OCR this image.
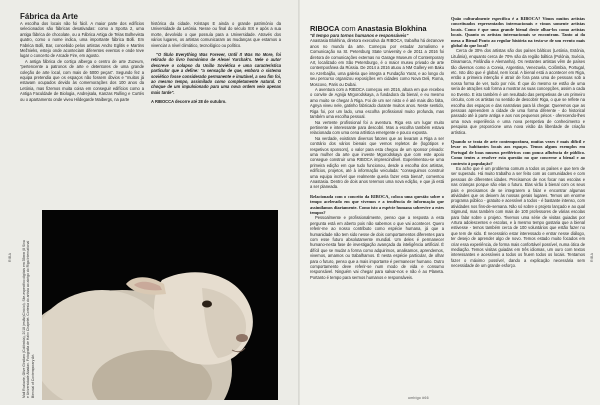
RIBA

Fábrica da Arte

A escolha dos locais não foi fácil. A maior parte dos edifícios selecionados são fábricas desativadas: como a Sporta 2, uma antiga fábrica de chocolate, ou a Fábrica Artiga de Telas Bolhevista quatro, como o nome indica, uma importante fábrica Bolli. Em Fabrica Bolli, Bar, concebido pelos artistas Andro Eglitis e Martins Mežnieks, estejo onde aconteciam diferentes eventos e onde teve lugar o concerto de Arcade Fire, em agosto.

A antiga fábrica de cortiça alberga o centro de arte Zuzeum, "pertencente a patronos de arte e detentores de uma grande coleção de arte local, com mais de 5000 peças". Segundo fez a equipa pretendia que os espaços não fossem óbvios e "muitos já estavam ocupados devido às comemorações dos 100 anos da Letónia, mas fizemos muita coisa em conseguir edifícios como a Antiga Faculdade de Biologia, Andrejsala, Kanzas Rulling e Curtés ou o apartamento onde viveu Hildegarde Maibergs, na parte

histórica da cidade. Kristaps E ainda o grande património da Universidade da Letónia. Nesse ou final do século XIX e após a sua morte, devolvido o que possuía para a Universidade. Através dos vários lugares, os artistas comunicaram as mudanças que estamos a vivenciar a nível climático, tecnológico ou político.

"O título Everything Was Forever, Until It Was No More, foi retirado do livro homónimo de Alexei Yurchak's. Nele o autor descreve o colapso da União Soviética e uma característica particular que a define: "a sensação de que, embora o sistema soviético fosse considerado permanente e imutável, a seu fim foi, ao mesmo tempo, assimilado como completamente natural. O choque de um impulsionado para uma nova ordem veio apenas mais tarde".

A RIBOCCA decorre até 28 de outubro.

Mall Rozkarte, Olive Gindlaro (Colômbia), 2018 (estão)Ciniciol). Site-especifico digitais em 35mm (8 Sina e Universidade Abadan. Fotografia de Hahn Chapelet. Cortesia do artista ao abrigo do Riga International Biennial of Contemporary Art.	umbigo #66
RIBA

RIBOCA com Anastasia Blokhina

"É tempo para tornos humanos e responsáveis"

Anastasia Blokhina, diretora executiva da RIBOCA, trabalha há dezanove anos no mundo da arte. Começou por estudar Jornalismo e Comunicação na St. Petersburg State University e de 2011 a 2016 foi diretora de comunicações externas no Garage Museum of Contemporary Art, localizado em São Petersburgo, é o maior museu privado de arte contemporânea da Rússia. De 2014 a 2016 atuou a NM Gallery em Baku no Azerbaijão, uma galeria que integra a Fundação Yarat, e ao longo do seu percurso organizou exposições em cidades como Nova Deli, Roma, Moscovo, Paris ou Dubai.

A aventura com a RIBOCA começou em 2016, altura em que recebeu o convite de Agnija Mrgorodskaya, a fundadora da bienal, e eu mesmo amo muito se chegar à Riga. Foi de um ser nisto e é até mais dito falta, Agnya viveu nele, gatinho fabricado durante muitos anos. Neste sentido, Riga foi, por um lado, uma escolha profissional muito profunda, mas também uma escolha pessoal.

Na vertente profissional foi a aventura. Riga era um lugar muito pertinente e interessante para descobri. Mas a escolha também estava relacionada com uma cena artística emergente e pouco exposta.

Na verdade, existiram diversos fatores que as levaram a Riga a ser contrário dos vários bienais que vemos repletos de (logótipos e respetivos sponsors), o valor para esta chegou de um sponsor privado: uma mulher da arte que investe Mgorodskaya que com este apoio consegue construir uma RIBOCA imprescindível. Experimentou-se uma primeira edição em que tudo funcionou, desde a escolha dos artistas, edifícios, projetos, até à informação veiculada: "conseguimos construir uma equipa incrível que realmente queria fazer esta bienal", comentou Anastasia. Dentro de dois anos teremos uma nova edição, e que já está a ser planeada.

Relacionada com o conceito da RIBOCA, coloca uma questão sobre o tempo acelerado em que vivemos e a tendência de informação que assimilamos diariamente. Como isto a espécie humana sobrevive a estes tempos?

Pessoalmente e profissionalmente, penso que a resposta a esta pergunta está em aberto pois não sabemos o que vai acontecer. Quero referir-me ao nosso contributo como espécie humana, já que a humanidade não tem sido nesse de dois comportamentos diferentes para com esse futuro absolutamente mundial. Um deles é permanecer humano-nesta fase de investigação avançada da inteligência artificial. É difícil que se mudar a forma como adquirimos, analisamos, aprendemos, vivemos, amamos ou trabalhamos. É nesta espécie particular, de olhar para o futuro, penso que a mais importante é permanecer humano. Outro comportamento deve referir-se num modo de vida e consumo responsável. Ninguém vai chegar para salvar-nos e não é ao Planeta. Portanto é tempo para sermos humanos e responsáveis.

Quão culturalmente específica é a RIBOCA? Vimos muitos artistas conceituados representados internacionais e vimos somente artistas locais. Como é que uma grande bienal deste olhar-los como artistas locais. Quanto os artistas internacionais se encontram. Tanto ai da mesa a Bienal Ponto ao regular história na testa-se de um evento mais global do que local?

Cerca de 30% dos artistas são dos países bálticos (Letónia, Estónia, Lituânia), enquanto cerca de 70% são da região báltica (Polónia, Suécia, Dinamarca, Finlândia e Alemanha). Os restantes artistas vêm de países tão diversos como a Coreia, Argentina, Venezuela, Colômbia, Portugal, etc. Isto dito que é global, nem local. A bienal está a acontecer em Riga, então a primeira intenção é atrair de fora para uma de pessoas sob a nossa forma de ver, tudo por nós. É que do mesmo se estão de uma seria de atrações sob forma a mostrar as suas concepções, assim a cada no Evento. E isto também é um resultado das perspetivas de um primeiro circuito, com os artistas no sentido de descobrir Riga, o que se reflete na escolha dos espaços e das narrativas para lá chegar. Queremos que as pessoas apreendem a cidade de uma forma diferente - do historical passado até à parte antiga e aos nos pequenos pésos - oferecendo-lhes uma nova experiência e uma nova perspetiva de conhecimento e pesquisa que proporcione uma nova visão da liberdade de criação artística.

Quando se trata de arte contemporânea, muitas vezes é mais difícil e levar os habitantes locais aos espaços. Temos alguns exemplos em Portugal de boas museus periféricos com pouca afluência de público. Como tentes a resolver esta questão no que concerne a bienal e ao contexto à população?

Eu acho que é um problema comum a todos os países e que tem de ser superado. Há muito trabalho a ser feito com as comunidades e com pessoas de diferentes idades. Precisamos de nos focar nas escolas e nas crianças porque são elas o futuro. Elas virão à bienal com os seus pais e precisamos de se integrarem a falar e encontrar algumas atividades que os deixem às nossas gerais lugares. Temos um enorme programa público - gratuito e acessível a todos - é bastante intenso, com atividades nos fins-de-semana. Não só sobre o projeto lançado e ao qual Sigmund, mas também com mais de 100 professores de várias escolas para falar sobre o projeto. Tivemos uma série de visitas guiadas por Artura adolescentes e escolas, e à mesmo tempo gostaria que a bienal estivesse - temos também cerca de 100 voluntários que estão fazer no que tem de sido. É necessário estar interessado e entrar nesse diálogo, ter desejo de aprender algo de novo. Temos estado muito focados em criar essa experiência, de forma mais confortável possível, numa ótica de mediação. Temos visitas guiadas em três idiomas, um ouro com textos interessantes e acessíveis a todos os fruem todos os locais. Tentamos fazer o máximo possível, dando a explicação necessária sem necessidade de um grande esforço.
